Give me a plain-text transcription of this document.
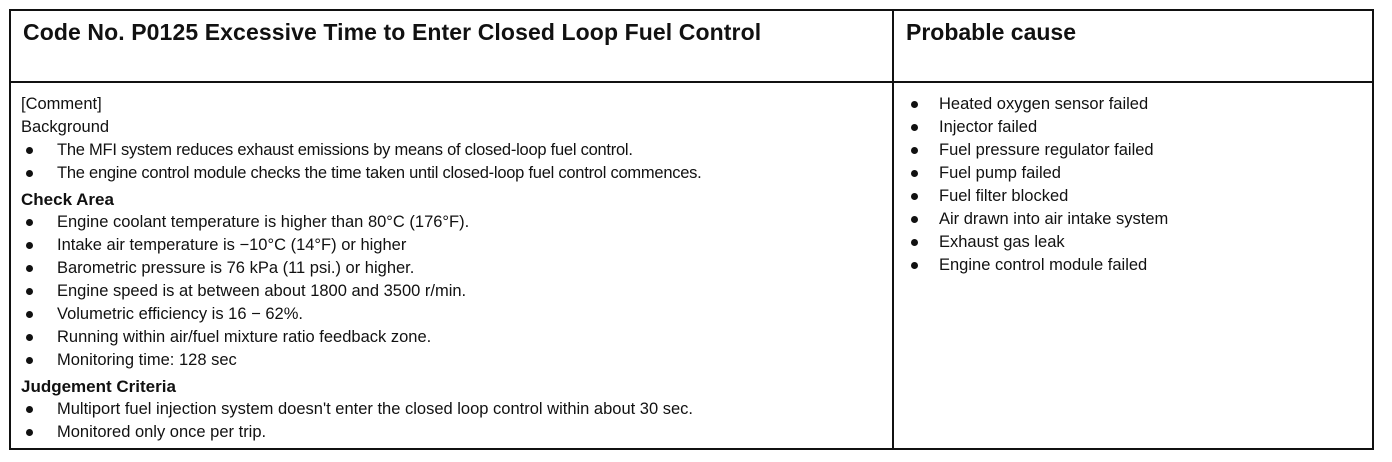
Code No. P0125 Excessive Time to Enter Closed Loop Fuel Control	Probable cause
[Comment]
Background
The MFI system reduces exhaust emissions by means of closed-loop fuel control.
The engine control module checks the time taken until closed-loop fuel control commences.
Check Area
Engine coolant temperature is higher than 80°C (176°F).
Intake air temperature is −10°C (14°F) or higher
Barometric pressure is 76 kPa (11 psi.) or higher.
Engine speed is at between about 1800 and 3500 r/min.
Volumetric efficiency is 16 − 62%.
Running within air/fuel mixture ratio feedback zone.
Monitoring time: 128 sec
Judgement Criteria
Multiport fuel injection system doesn't enter the closed loop control within about 30 sec.
Monitored only once per trip.
Heated oxygen sensor failed
Injector failed
Fuel pressure regulator failed
Fuel pump failed
Fuel filter blocked
Air drawn into air intake system
Exhaust gas leak
Engine control module failed
